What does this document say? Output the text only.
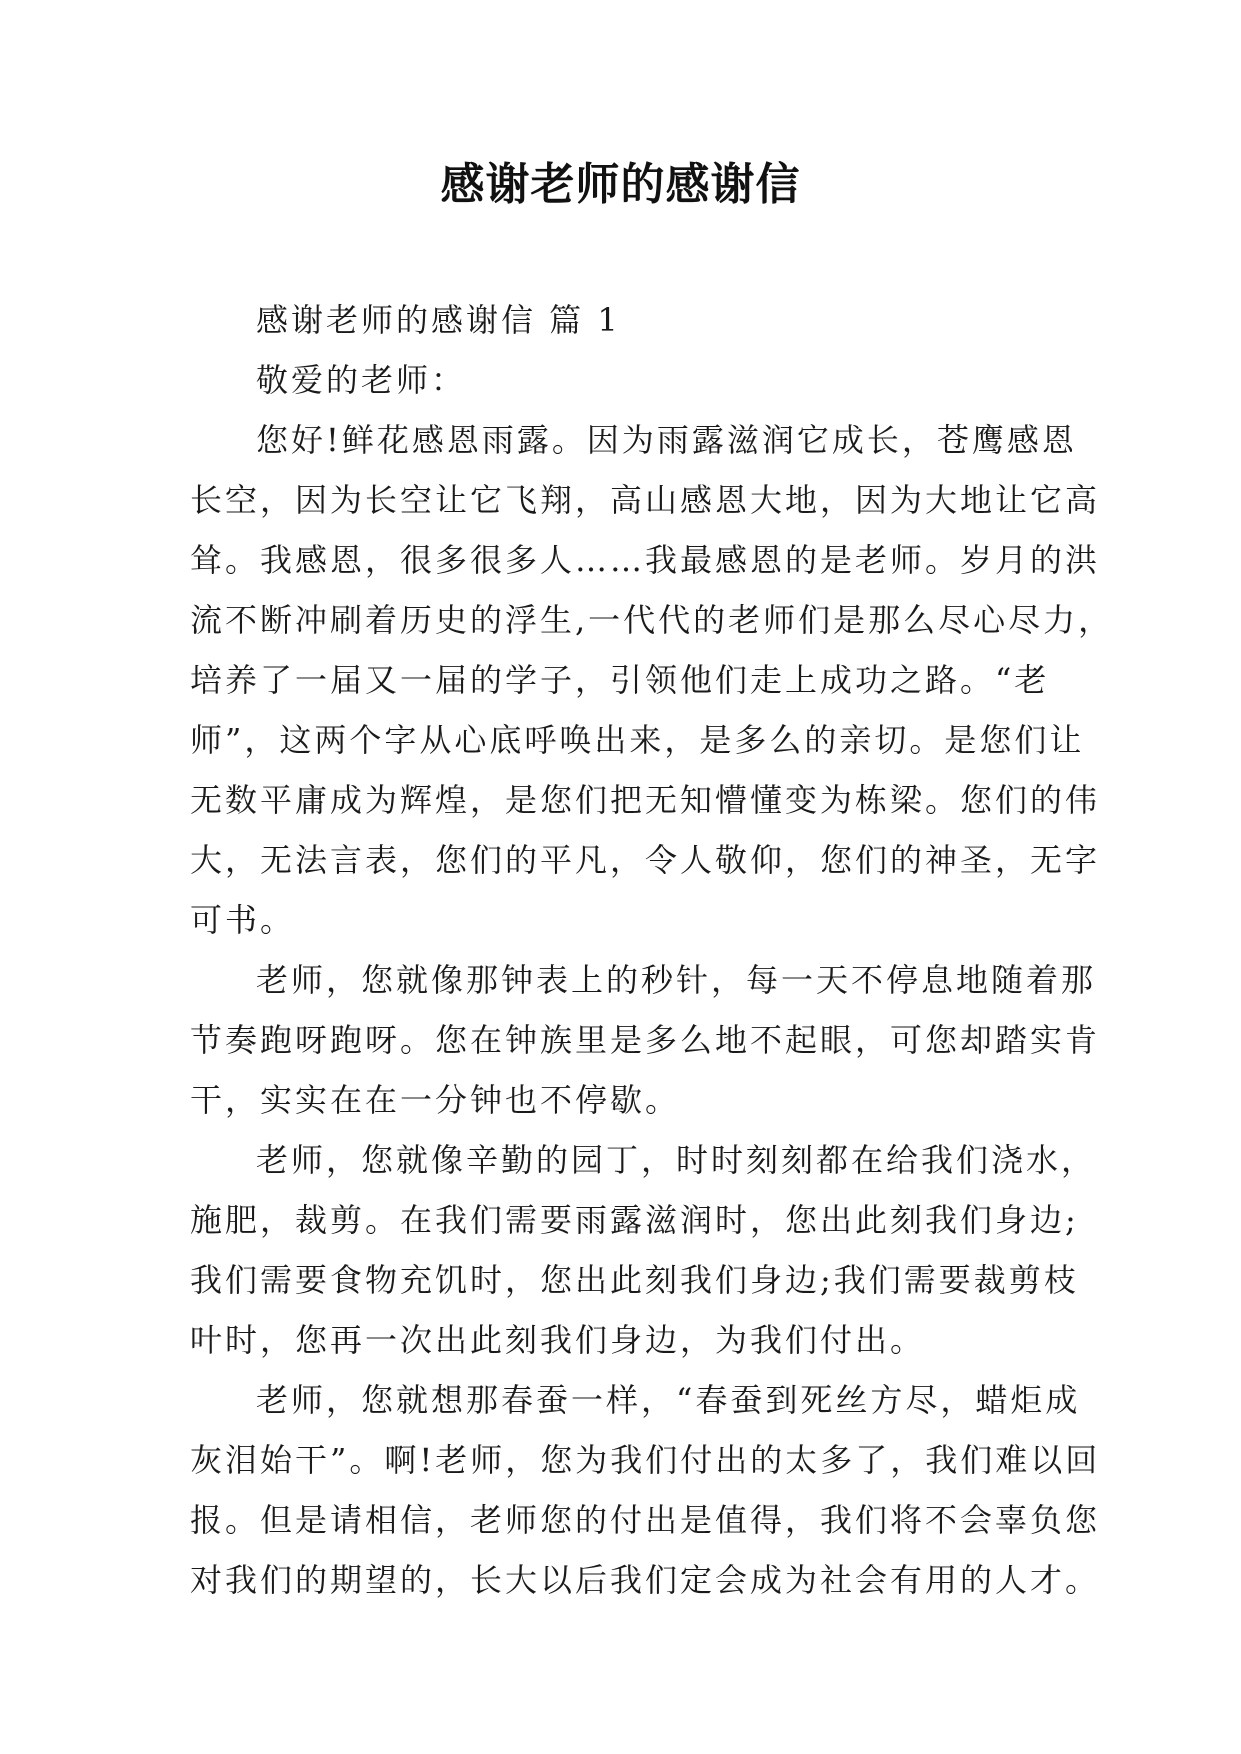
感谢老师的感谢信
感谢老师的感谢信 篇 1
敬爱的老师：
您好!鲜花感恩雨露。因为雨露滋润它成长，苍鹰感恩
长空，因为长空让它飞翔，高山感恩大地，因为大地让它高
耸。我感恩，很多很多人……我最感恩的是老师。岁月的洪
流不断冲刷着历史的浮生,一代代的老师们是那么尽心尽力，
培养了一届又一届的学子，引领他们走上成功之路。“老
师”，这两个字从心底呼唤出来，是多么的亲切。是您们让
无数平庸成为辉煌，是您们把无知懵懂变为栋梁。您们的伟
大，无法言表，您们的平凡，令人敬仰，您们的神圣，无字
可书。
老师，您就像那钟表上的秒针，每一天不停息地随着那
节奏跑呀跑呀。您在钟族里是多么地不起眼，可您却踏实肯
干，实实在在一分钟也不停歇。
老师，您就像辛勤的园丁，时时刻刻都在给我们浇水，
施肥，裁剪。在我们需要雨露滋润时，您出此刻我们身边;
我们需要食物充饥时，您出此刻我们身边;我们需要裁剪枝
叶时，您再一次出此刻我们身边，为我们付出。
老师，您就想那春蚕一样，“春蚕到死丝方尽，蜡炬成
灰泪始干”。啊!老师，您为我们付出的太多了，我们难以回
报。但是请相信，老师您的付出是值得，我们将不会辜负您
对我们的期望的，长大以后我们定会成为社会有用的人才。
